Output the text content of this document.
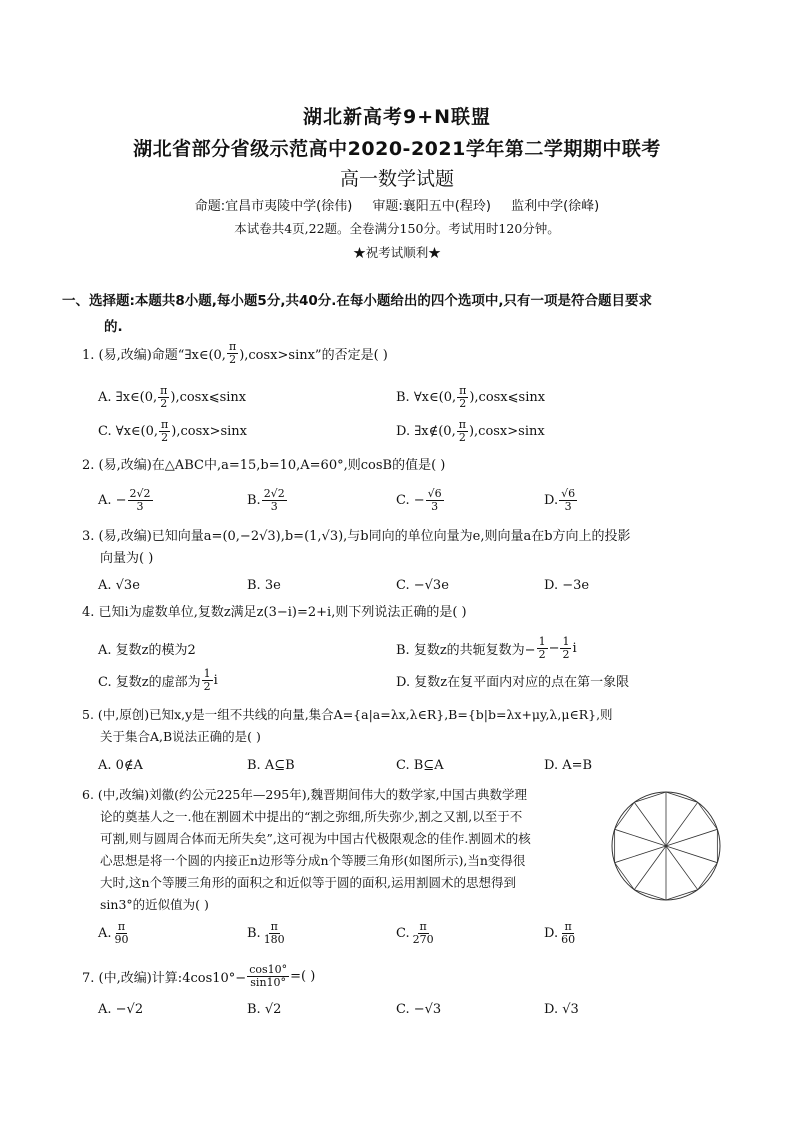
湖北新高考9+N联盟
湖北省部分省级示范高中2020-2021学年第二学期期中联考
高一数学试题
命题:宜昌市夷陵中学(徐伟) 审题:襄阳五中(程玲) 监利中学(徐峰)
本试卷共4页,22题。全卷满分150分。考试用时120分钟。
★祝考试顺利★
一、选择题:本题共8小题,每小题5分,共40分.在每小题给出的四个选项中,只有一项是符合题目要求
的.
1. (易,改编)命题“∃x∈(0, $\frac{\pi}{2} ),\cos x>\sin x$”的否定是( )
A. ∃x∈(0, $\frac{\pi}{2}$ ),cosx⩽sinx	B. ∀x∈(0, $\frac{\pi}{2}$ ),cosx⩽sinx
C. ∀x∈(0, $\frac{\pi}{2} ),\cos x>\sin x$	D. ∃x∉(0, $\frac{\pi}{2} ),\cos x>\sin x$
2. (易,改编)在△ABC中,a=15,b=10,A=60°,则cosB的值是( )
A. − $\frac{2√2}{3}$	B. $\frac{2√2}{3}$	C. − $\frac{√6}{3}$	D. $\frac{√6}{3}$
3. (易,改编)已知向量a=(0,−2√3),b=(1,√3),与b同向的单位向量为e,则向量a在b方向上的投影
向量为( )
A. √3e	B. 3e	C. −√3e	D. −3e
4. 已知i为虚数单位,复数z满足z(3−i)=2+i,则下列说法正确的是( )
A. 复数z的模为2	B. 复数z的共轭复数为− $\frac{1}{2} - \frac{1}{2}$ i
C. 复数z的虚部为 $\frac{1}{2}$ i	D. 复数z在复平面内对应的点在第一象限
5. (中,原创)已知x,y是一组不共线的向量,集合A={a|a=λx,λ∈R},B={b|b=λx+μy,λ,μ∈R},则
关于集合A,B说法正确的是( )
A. 0∉A	B. A⊆B	C. B⊆A	D. A=B
6. (中,改编)刘徽(约公元225年—295年),魏晋期间伟大的数学家,中国古典数学理
论的奠基人之一.他在割圆术中提出的“割之弥细,所失弥少,割之又割,以至于不
可割,则与圆周合体而无所失矣”,这可视为中国古代极限观念的佳作.割圆术的核
心思想是将一个圆的内接正n边形等分成n个等腰三角形(如图所示),当n变得很
大时,这n个等腰三角形的面积之和近似等于圆的面积,运用割圆术的思想得到
sin3°的近似值为( )
A. $\frac{\pi}{90}$	B. $\frac{\pi}{180}$	C. $\frac{\pi}{270}$	D. $\frac{\pi}{60}$
7. (中,改编)计算:4cos10°− $\frac{\cos 10^\circ}{\sin 10^\circ}$ =( )
A. −√2	B. √2	C. −√3	D. √3
